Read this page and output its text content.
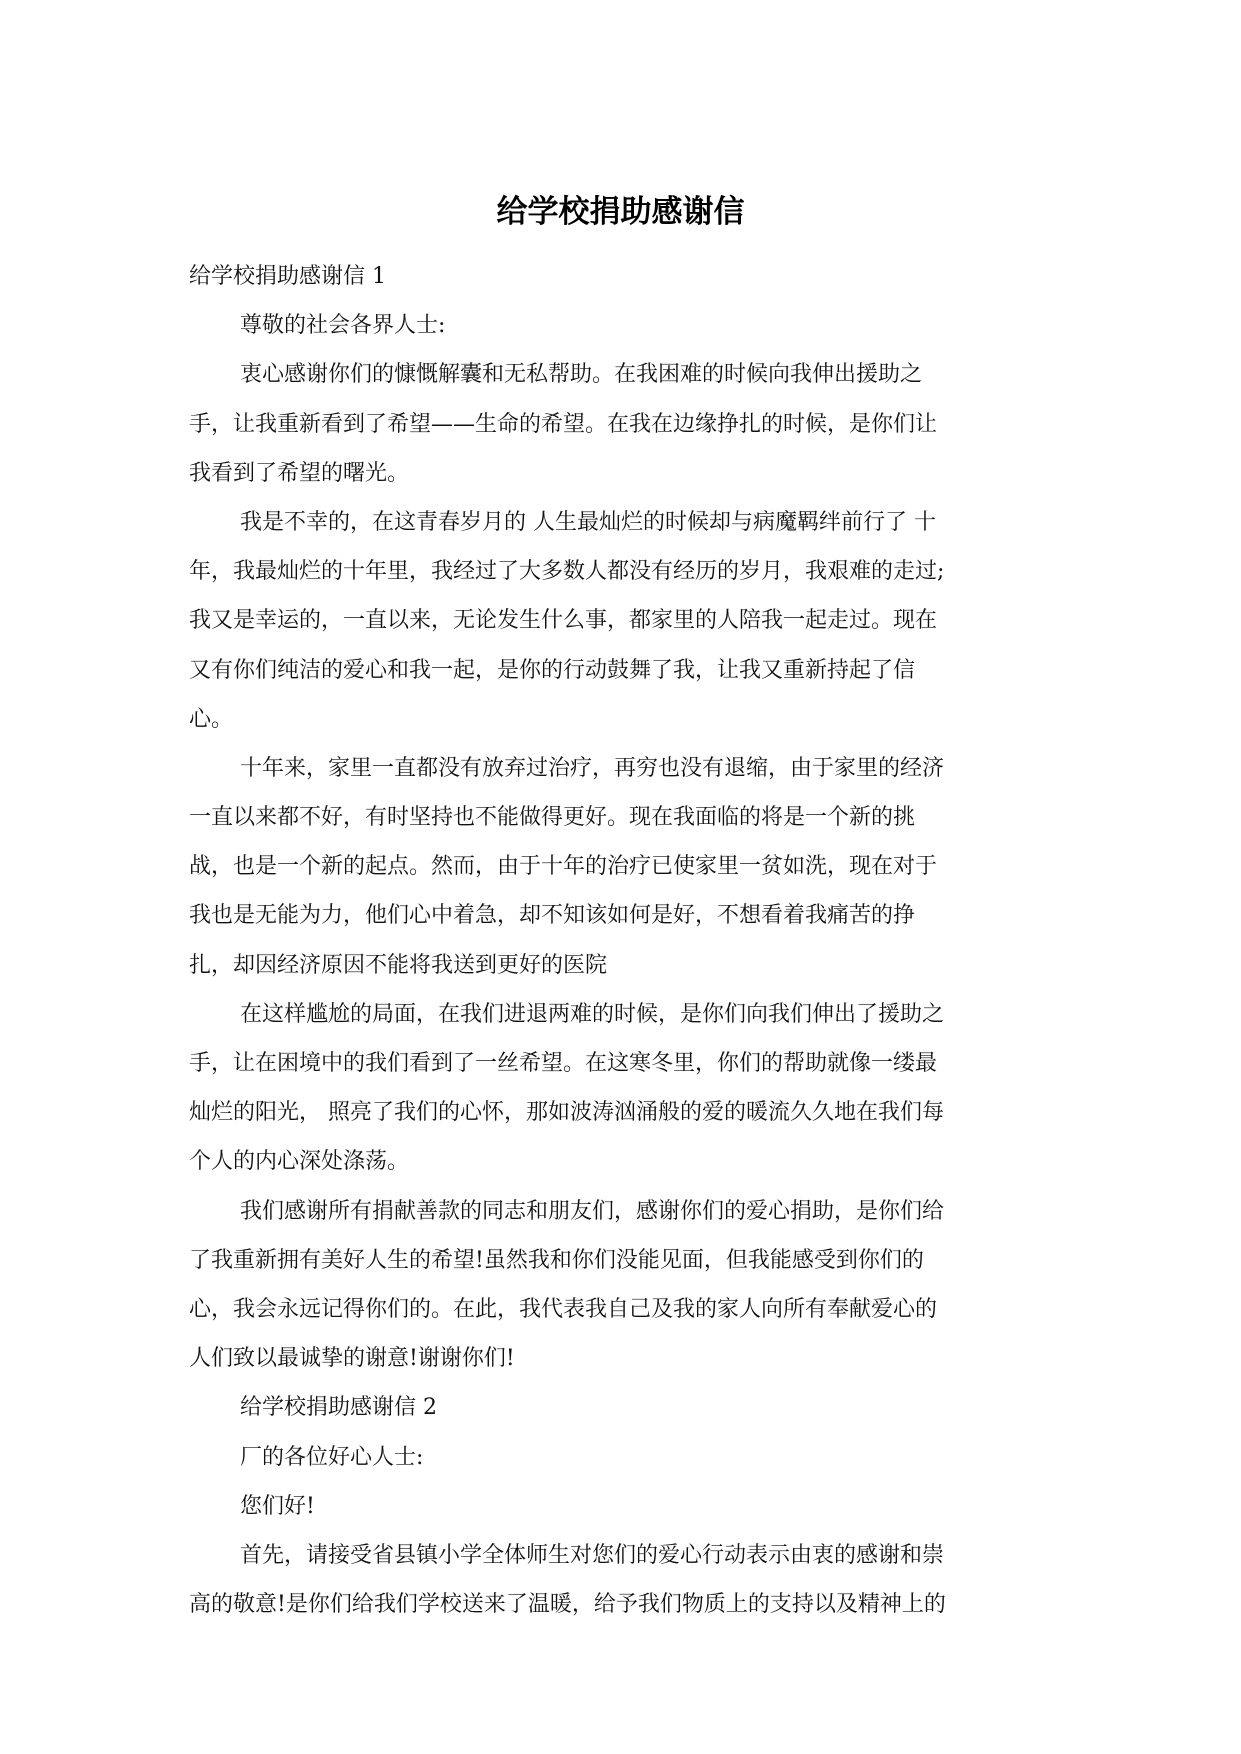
给学校捐助感谢信
给学校捐助感谢信 1
尊敬的社会各界人士:
衷心感谢你们的慷慨解囊和无私帮助。在我困难的时候向我伸出援助之
手，让我重新看到了希望——生命的希望。在我在边缘挣扎的时候，是你们让
我看到了希望的曙光。
我是不幸的，在这青春岁月的 人生最灿烂的时候却与病魔羁绊前行了 十
年，我最灿烂的十年里，我经过了大多数人都没有经历的岁月，我艰难的走过;
我又是幸运的，一直以来，无论发生什么事，都家里的人陪我一起走过。现在
又有你们纯洁的爱心和我一起，是你的行动鼓舞了我，让我又重新持起了信
心。
十年来，家里一直都没有放弃过治疗，再穷也没有退缩，由于家里的经济
一直以来都不好，有时坚持也不能做得更好。现在我面临的将是一个新的挑
战，也是一个新的起点。然而，由于十年的治疗已使家里一贫如洗，现在对于
我也是无能为力，他们心中着急，却不知该如何是好，不想看着我痛苦的挣
扎，却因经济原因不能将我送到更好的医院
在这样尴尬的局面，在我们进退两难的时候，是你们向我们伸出了援助之
手，让在困境中的我们看到了一丝希望。在这寒冬里，你们的帮助就像一缕最
灿烂的阳光， 照亮了我们的心怀，那如波涛汹涌般的爱的暖流久久地在我们每
个人的内心深处涤荡。
我们感谢所有捐献善款的同志和朋友们，感谢你们的爱心捐助，是你们给
了我重新拥有美好人生的希望!虽然我和你们没能见面，但我能感受到你们的
心，我会永远记得你们的。在此，我代表我自己及我的家人向所有奉献爱心的
人们致以最诚挚的谢意!谢谢你们!
给学校捐助感谢信 2
厂的各位好心人士:
您们好!
首先，请接受省县镇小学全体师生对您们的爱心行动表示由衷的感谢和崇
高的敬意!是你们给我们学校送来了温暖，给予我们物质上的支持以及精神上的
